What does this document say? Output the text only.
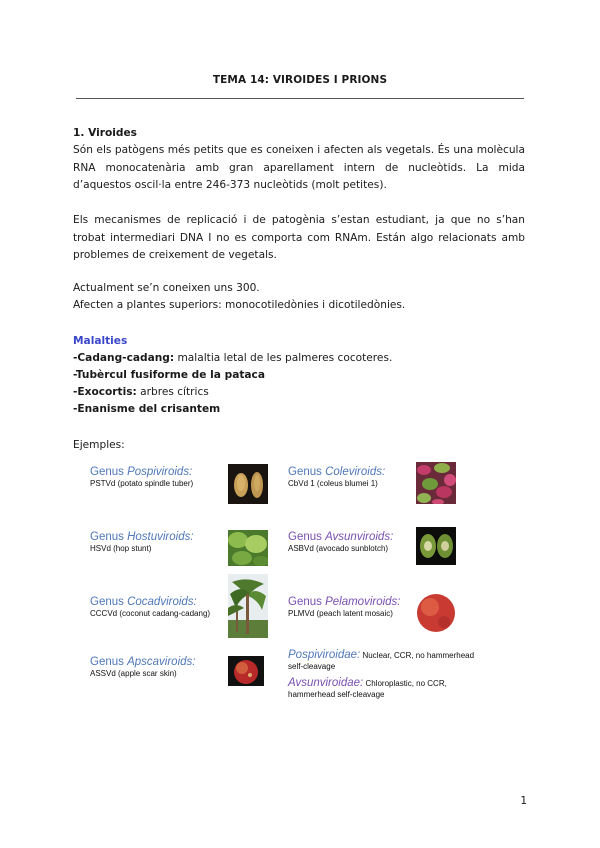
TEMA 14: VIROIDES I PRIONS
1. Viroides
Són els patògens més petits que es coneixen i afecten als vegetals. És una molècula RNA monocatenària amb gran aparellament intern de nucleòtids. La mida d’aquestos oscil·la entre 246-373 nucleòtids (molt petites).
Els mecanismes de replicació i de patogènia s’estan estudiant, ja que no s’han trobat intermediari DNA I no es comporta com RNAm. Están algo relacionats amb problemes de creixement de vegetals.
Actualment se’n coneixen uns 300.
Afecten a plantes superiors: monocotiledònies i dicotiledònies.
Malalties
-Cadang-cadang: malaltia letal de les palmeres cocoteres.
-Tubèrcul fusiforme de la pataca
-Exocortis: arbres cítrics
-Enanisme del crisantem
Ejemples:
Genus Pospiviroids:
PSTVd (potato spindle tuber)
Genus Coleviroids:
CbVd 1 (coleus blumei 1)
Genus Hostuviroids:
HSVd (hop stunt)
Genus Avsunviroids:
ASBVd (avocado sunblotch)
Genus Cocadviroids:
CCCVd (coconut cadang-cadang)
Genus Pelamoviroids:
PLMVd (peach latent mosaic)
Genus Apscaviroids:
ASSVd (apple scar skin)
Pospiviroidae: Nuclear, CCR, no hammerhead self-cleavage
Avsunviroidae: Chloroplastic, no CCR, hammerhead self-cleavage
1
